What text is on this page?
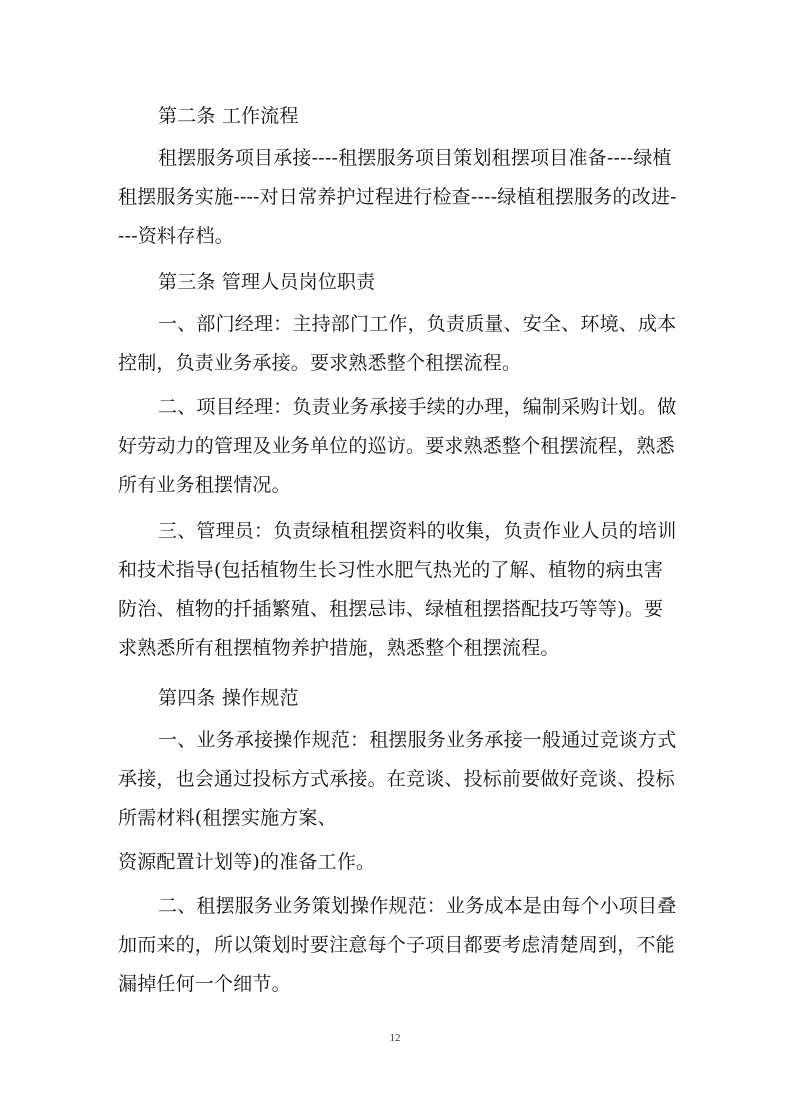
第二条 工作流程

租摆服务项目承接----租摆服务项目策划租摆项目准备----绿植租摆服务实施----对日常养护过程进行检查----绿植租摆服务的改进----资料存档。

第三条 管理人员岗位职责

一、部门经理：主持部门工作，负责质量、安全、环境、成本控制，负责业务承接。要求熟悉整个租摆流程。

二、项目经理：负责业务承接手续的办理，编制采购计划。做好劳动力的管理及业务单位的巡访。要求熟悉整个租摆流程，熟悉所有业务租摆情况。

三、管理员：负责绿植租摆资料的收集，负责作业人员的培训和技术指导(包括植物生长习性水肥气热光的了解、植物的病虫害防治、植物的扦插繁殖、租摆忌讳、绿植租摆搭配技巧等等)。要求熟悉所有租摆植物养护措施，熟悉整个租摆流程。

第四条 操作规范

一、业务承接操作规范：租摆服务业务承接一般通过竞谈方式承接，也会通过投标方式承接。在竞谈、投标前要做好竞谈、投标所需材料(租摆实施方案、

资源配置计划等)的准备工作。

二、租摆服务业务策划操作规范：业务成本是由每个小项目叠加而来的，所以策划时要注意每个子项目都要考虑清楚周到，不能漏掉任何一个细节。

12
